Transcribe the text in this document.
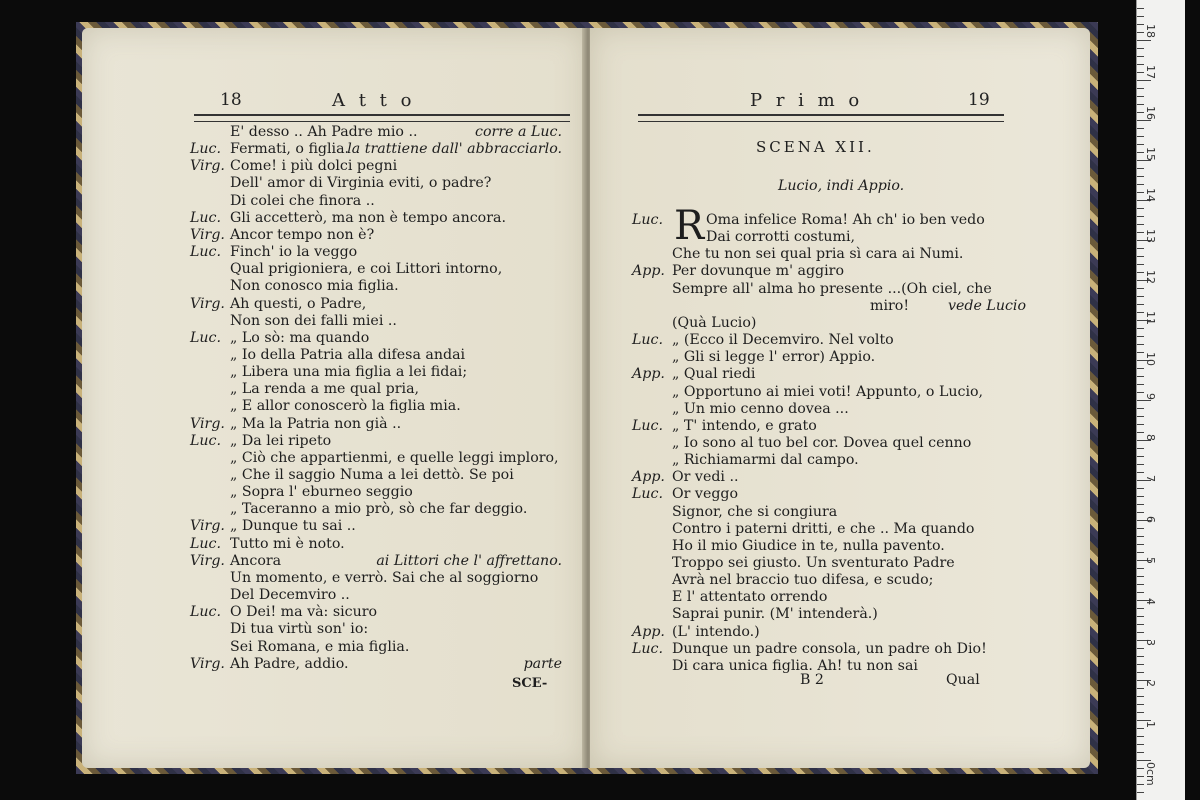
18	A t t o
E' desso .. Ah Padre mio ..	corre a Luc.
Luc. Fermati, o figlia.
la trattiene dall' abbracciarlo.
Virg. Come! i più dolci pegni
Dell' amor di Virginia eviti, o padre?
Di colei che finora ..
Luc. Gli accetterò, ma non è tempo ancora.
Virg. Ancor tempo non è?
Luc. Finch' io la veggo
Qual prigioniera, e coi Littori intorno,
Non conosco mia figlia.
Virg. Ah questi, o Padre,
Non son dei falli miei ..
Luc. „ Lo sò: ma quando
„ Io della Patria alla difesa andai
„ Libera una mia figlia a lei fidai;
„ La renda a me qual pria,
„ E allor conoscerò la figlia mia.
Virg. „ Ma la Patria non già ..
Luc. „ Da lei ripeto
„ Ciò che appartienmi, e quelle leggi imploro,
„ Che il saggio Numa a lei dettò. Se poi
„ Sopra l' eburneo seggio
„ Taceranno a mio prò, sò che far deggio.
Virg. „ Dunque tu sai ..
Luc. Tutto mi è noto.
Virg. Ancora	ai Littori che l' affrettano.
Un momento, e verrò. Sai che al soggiorno
Del Decemviro ..
Luc. O Dei! ma và: sicuro
Di tua virtù son' io:
Sei Romana, e mia figlia.
Virg. Ah Padre, addio.	parte
SCE-
P r i m o	19
SCENA XII.
Lucio, indi Appio.
R
Luc.	Oma infelice Roma! Ah ch' io ben vedo
Dai corrotti costumi,
Che tu non sei qual pria sì cara ai Numi.
App. Per dovunque m' aggiro
Sempre all' alma ho presente ...(Oh ciel, che
miro!	vede Lucio
(Quà Lucio)
Luc. „ (Ecco il Decemviro. Nel volto
„ Gli si legge l' error) Appio.
App. „ Qual riedi
„ Opportuno ai miei voti! Appunto, o Lucio,
„ Un mio cenno dovea ...
Luc. „ T' intendo, e grato
„ Io sono al tuo bel cor. Dovea quel cenno
„ Richiamarmi dal campo.
App. Or vedi ..
Luc. Or veggo
Signor, che si congiura
Contro i paterni dritti, e che .. Ma quando
Ho il mio Giudice in te, nulla pavento.
Troppo sei giusto. Un sventurato Padre
Avrà nel braccio tuo difesa, e scudo;
E l' attentato orrendo
Saprai punir. (M' intenderà.)
App. (L' intendo.)
Luc. Dunque un padre consola, un padre oh Dio!
Di cara unica figlia. Ah! tu non sai
B 2	Qual
18
17
16
15
14
13
12
11
10
9
8
7
6
5
4
3
2
1
0cm
